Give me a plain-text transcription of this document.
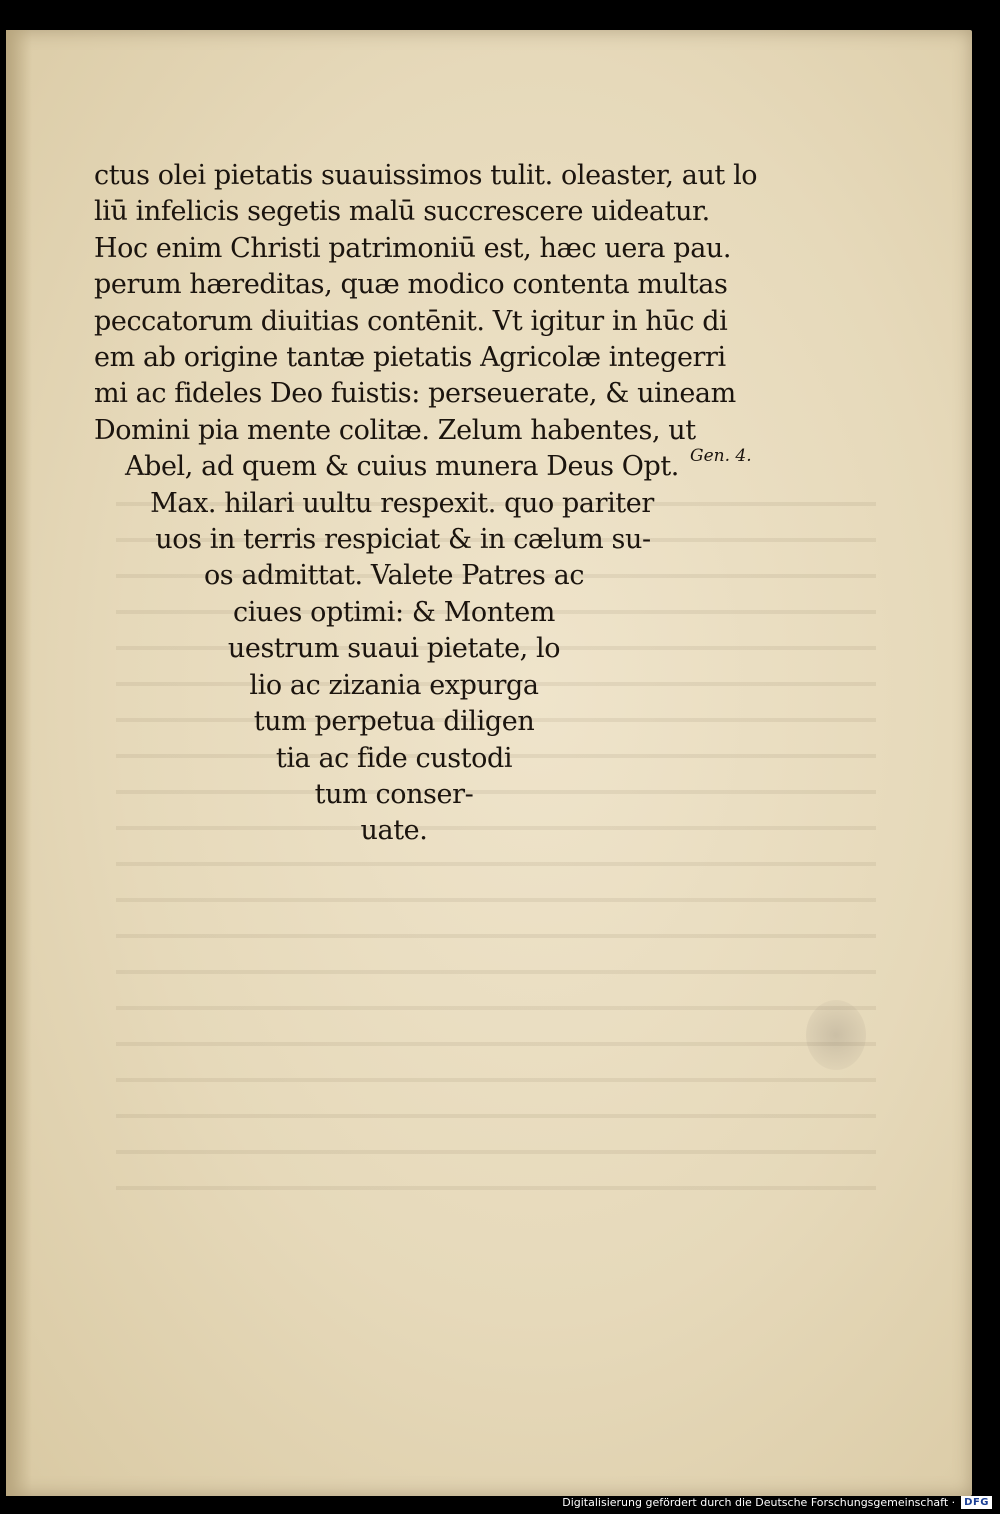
ctus olei pietatis suauissimos tulit. oleaster, aut lo
liū infelicis segetis malū succrescere uideatur.
Hoc enim Christi patrimoniū est, hæc uera pau.
perum hæreditas, quæ modico contenta multas
peccatorum diuitias contēnit. Vt igitur in hūc di
em ab origine tantæ pietatis Agricolæ integerri
mi ac fideles Deo fuistis: perseuerate, & uineam
Domini pia mente colitæ. Zelum habentes, ut
Abel, ad quem & cuius munera Deus Opt.
Max. hilari uultu respexit. quo pariter
uos in terris respiciat & in cælum su-
os admittat. Valete Patres ac
ciues optimi: & Montem
uestrum suaui pietate, lo
lio ac zizania expurga
tum perpetua diligen
tia ac fide custodi
tum conser-
uate.
Gen. 4.
Digitalisierung gefördert durch die Deutsche Forschungsgemeinschaft · DFG
